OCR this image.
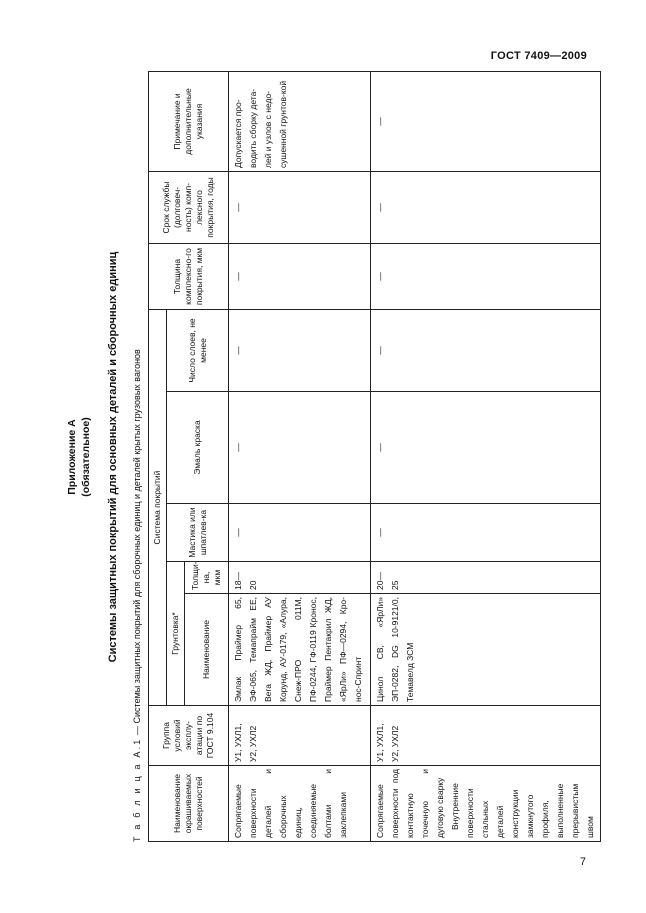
ГОСТ 7409—2009
Приложение А (обязательное) Системы защитных покрытий для основных деталей и сборочных единиц
Т а б л и ц а А.1 — Системы защитных покрытий для сборочных единиц и деталей крытых грузовых вагонов
Наименование окрашиваемых поверхностей	Группа условий эксплу-атации по ГОСТ 9.104	Система покрытий					Толщина комплексно-го покрытия, мкм	Срок службы (долговеч-ность) комп-лексного покрытия, годы	Примечание и дополнительные указания
		Грунтовка*		Мастика или шпатлев-ка	Эмаль краска	Число слоев, не менее			
		Наименование	Толщи-на, мкм						
Сопрягаемые поверхности деталей и сборочных единиц, соединяемые болтами и заклепками	У1, УХЛ1, У2, УХЛ2	Эмлак Праймер 65, ЭФ-065, Темапрайм ЕЕ, Вега ЖД, Праймер АУ Корунд, АУ-0179, «Алура, Снеж-ПРО 011М, ПФ-0244, ГФ-0119 Кронос, Праймер Пентакрил ЖД, «ЯрЛи» ПФ—0294, Кро-нос-Спринт	18—20	—	—	—	—	—	Допускается про-водить сборку дета-лей и узлов с недо-сушенной грунтов-кой

Сопрягаемые поверхности под контактную точечную и дуговую сварку Внутренние поверхности стальных деталей конструкции замкнутого профиля, выполненные прерывистым швом	У1, УХЛ1, У2, УХЛ2	Цинол СВ, «ЯрЛи» ЭП-0282, DG 10-9121/0, Темавелд ЗСМ	20—25	—	—	—	—	—	—
7
